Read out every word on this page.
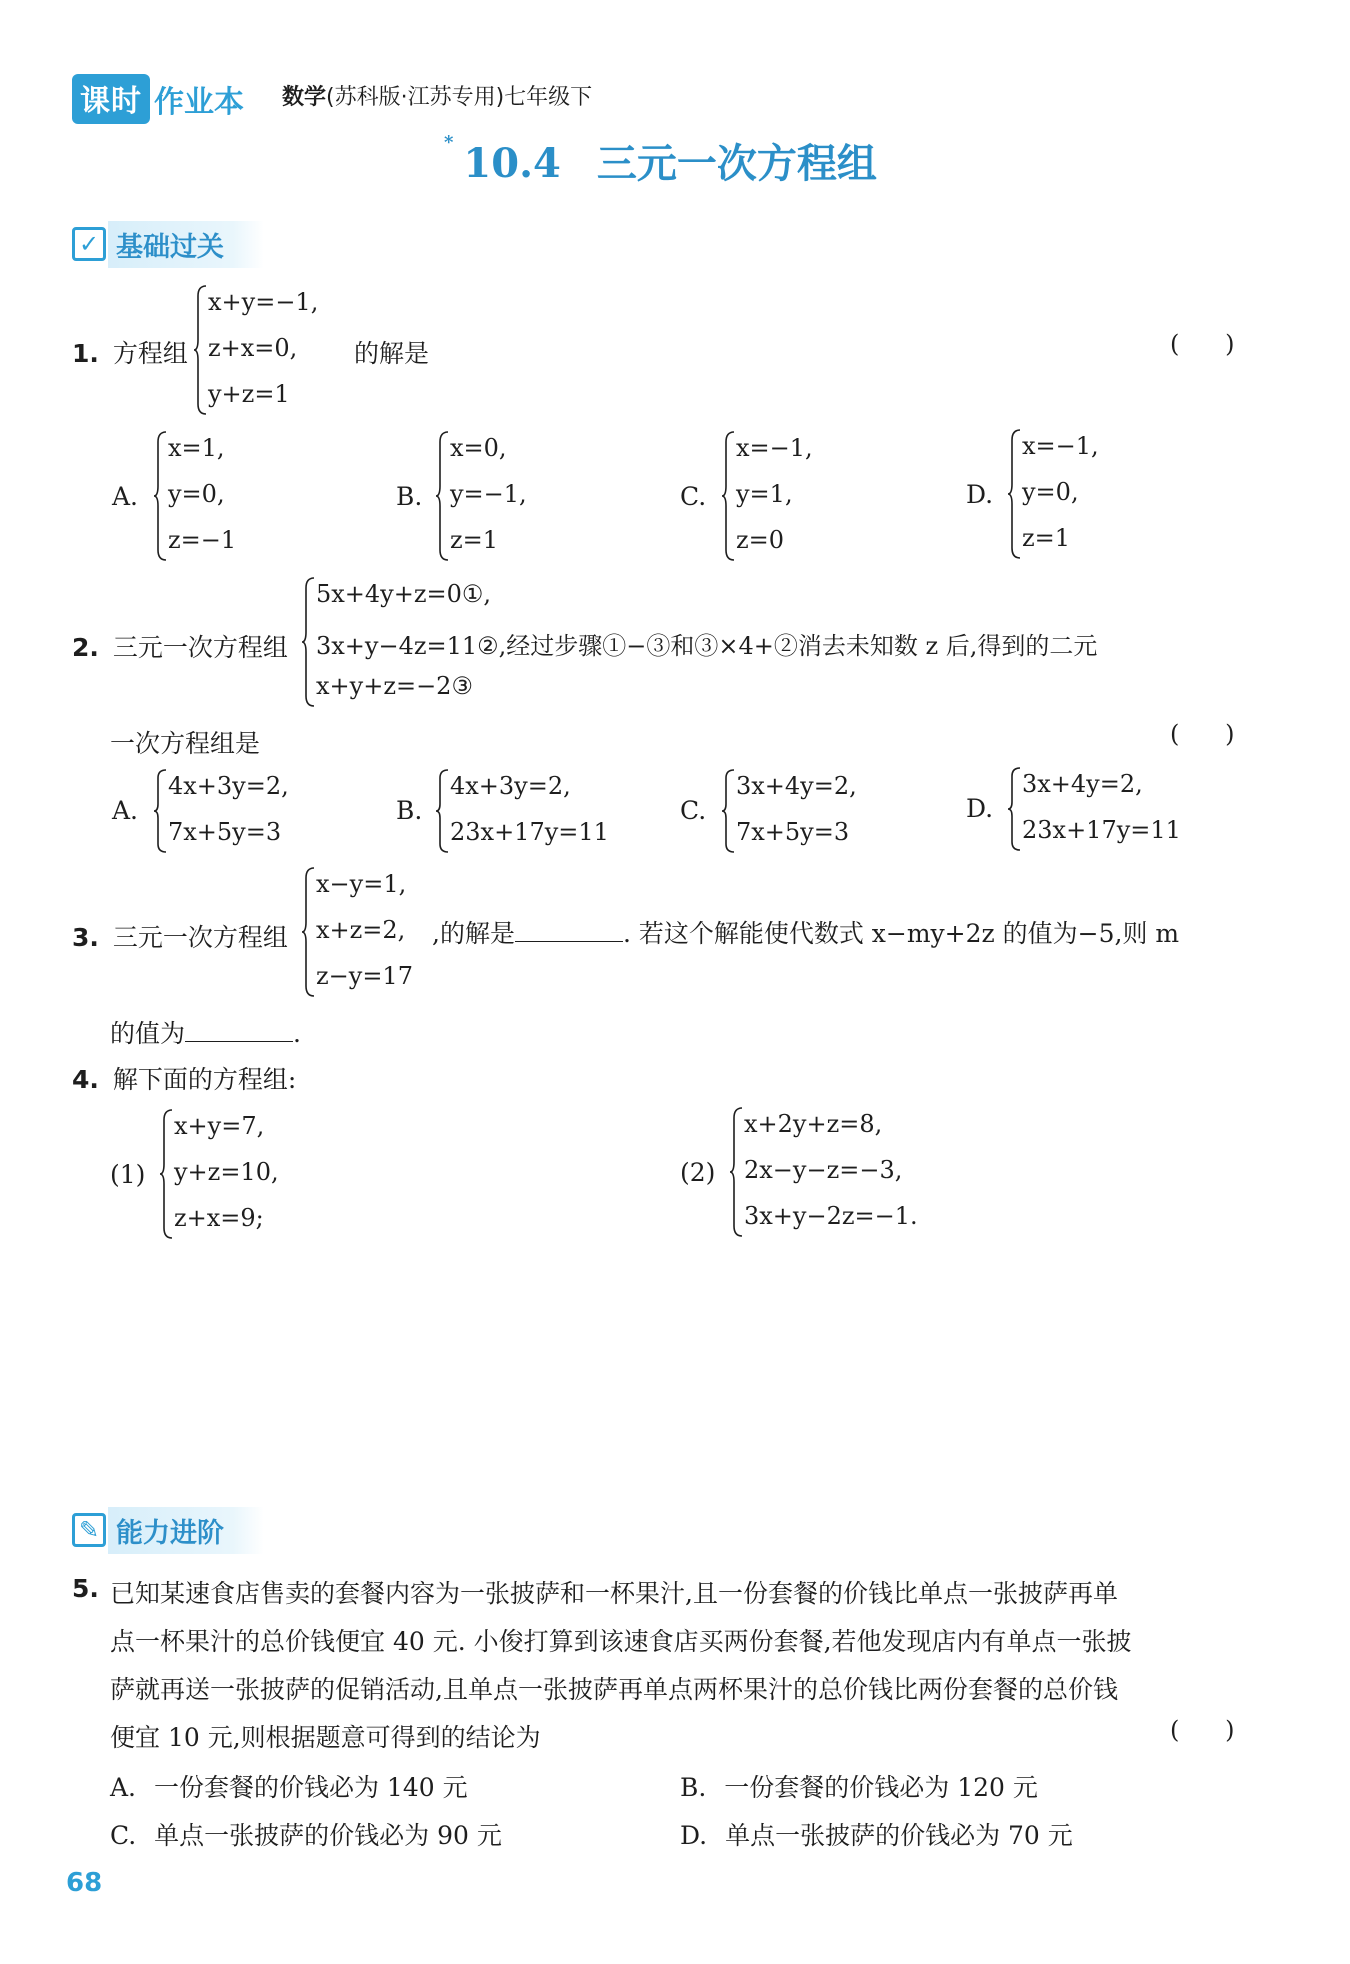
课时 作业本 数学(苏科版·江苏专用)七年级下
* 10.4 三元一次方程组
✓ 基础过关
1. 方程组
x+y=−1,
z+x=0,
y+z=1
的解是	(      )
A.
x=1,
y=0,
z=−1
B.
x=0,
y=−1,
z=1
C.
x=−1,
y=1,
z=0
D.
x=−1,
y=0,
z=1
2. 三元一次方程组
5x+4y+z=0①,
3x+y−4z=11②,经过步骤①−③和③×4+②消去未知数 z 后,得到的二元
x+y+z=−2③
一次方程组是	(      )
A.
4x+3y=2,
7x+5y=3
B.
4x+3y=2,
23x+17y=11
C.
3x+4y=2,
7x+5y=3
D.
3x+4y=2,
23x+17y=11
3. 三元一次方程组
x−y=1,
x+z=2,
z−y=17
,的解是	. 若这个解能使代数式 x−my+2z 的值为−5,则 m
的值为	.
4. 解下面的方程组:
(1)
x+y=7,
y+z=10,
z+x=9;
(2)
x+2y+z=8,
2x−y−z=−3,
3x+y−2z=−1.
✎ 能力进阶
5. 已知某速食店售卖的套餐内容为一张披萨和一杯果汁,且一份套餐的价钱比单点一张披萨再单
点一杯果汁的总价钱便宜 40 元. 小俊打算到该速食店买两份套餐,若他发现店内有单点一张披
萨就再送一张披萨的促销活动,且单点一张披萨再单点两杯果汁的总价钱比两份套餐的总价钱
便宜 10 元,则根据题意可得到的结论为	(      )
A. 一份套餐的价钱必为 140 元	B. 一份套餐的价钱必为 120 元
C. 单点一张披萨的价钱必为 90 元	D. 单点一张披萨的价钱必为 70 元
68
